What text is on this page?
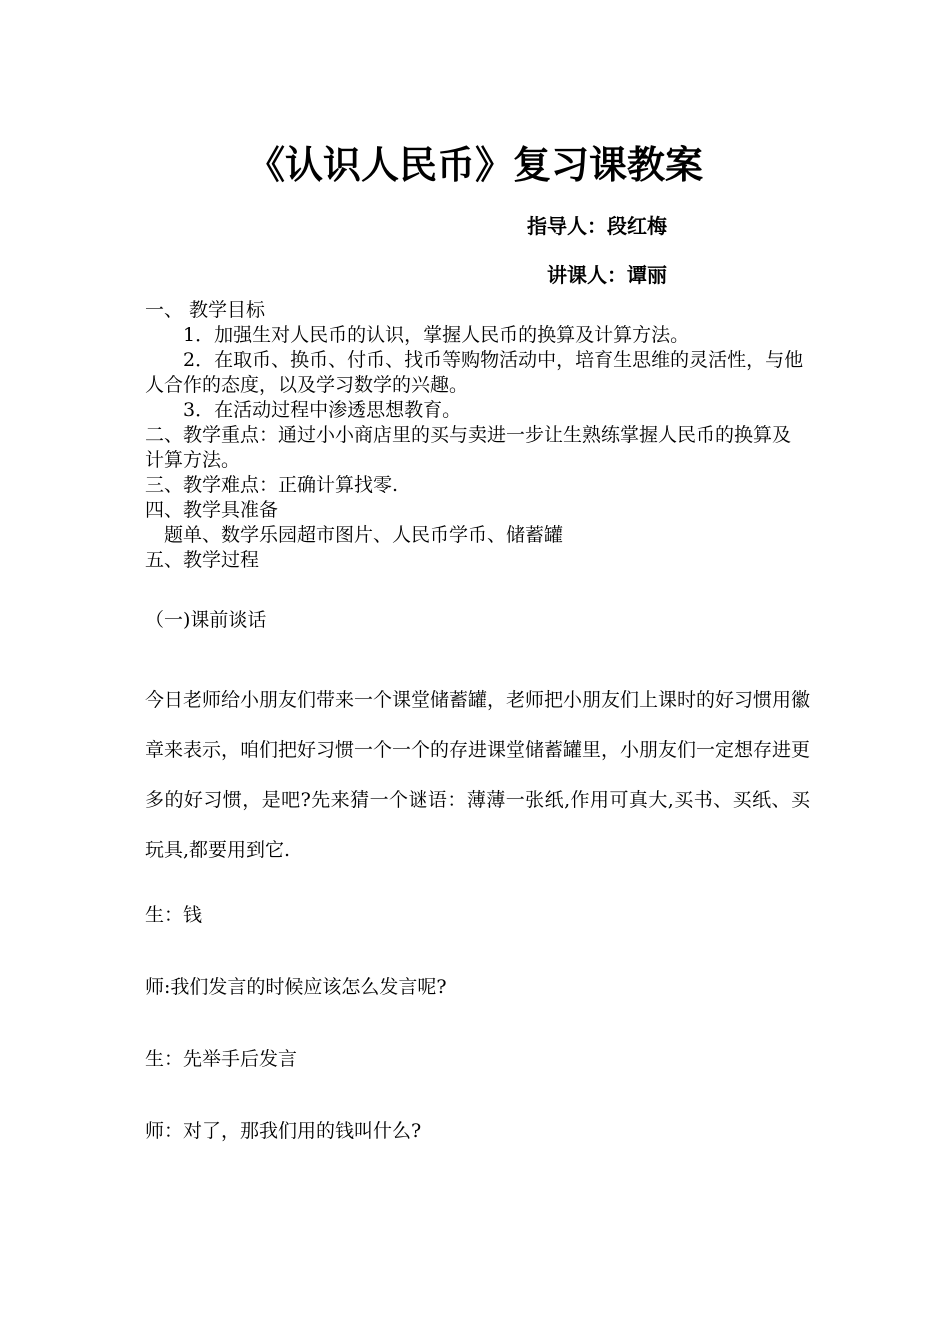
《认识人民币》复习课教案
指导人：段红梅
讲课人：谭丽

一、 教学目标

1．加强生对人民币的认识，掌握人民币的换算及计算方法。

2．在取币、换币、付币、找币等购物活动中，培育生思维的灵活性，与他人合作的态度，以及学习数学的兴趣。

3．在活动过程中渗透思想教育。

二、教学重点：通过小小商店里的买与卖进一步让生熟练掌握人民币的换算及计算方法。

三、教学难点：正确计算找零.

四、教学具准备

题单、数学乐园超市图片、人民币学币、储蓄罐

五、教学过程

（一)课前谈话

今日老师给小朋友们带来一个课堂储蓄罐，老师把小朋友们上课时的好习惯用徽章来表示，咱们把好习惯一个一个的存进课堂储蓄罐里，小朋友们一定想存进更多的好习惯，是吧?先来猜一个谜语：薄薄一张纸,作用可真大,买书、买纸、买玩具,都要用到它.

生：钱

师:我们发言的时候应该怎么发言呢?

生：先举手后发言

师：对了，那我们用的钱叫什么?
